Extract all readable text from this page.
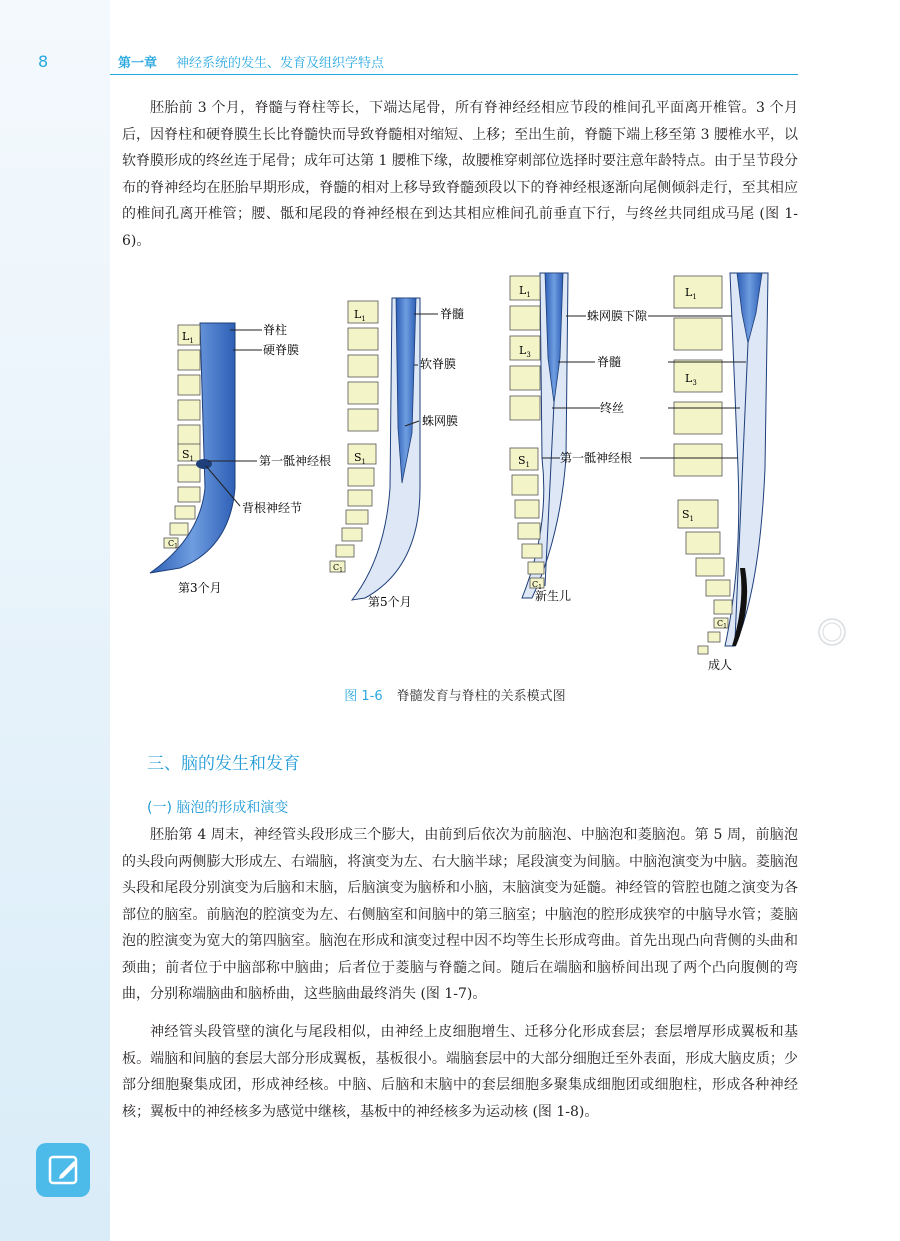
8	第一章 神经系统的发生、发育及组织学特点

胚胎前 3 个月，脊髓与脊柱等长，下端达尾骨，所有脊神经经相应节段的椎间孔平面离开椎管。3 个月后，因脊柱和硬脊膜生长比脊髓快而导致脊髓相对缩短、上移；至出生前，脊髓下端上移至第 3 腰椎水平，以软脊膜形成的终丝连于尾骨；成年可达第 1 腰椎下缘，故腰椎穿刺部位选择时要注意年龄特点。由于呈节段分布的脊神经均在胚胎早期形成，脊髓的相对上移导致脊髓颈段以下的脊神经根逐渐向尾侧倾斜走行，至其相应的椎间孔离开椎管；腰、骶和尾段的脊神经根在到达其相应椎间孔前垂直下行，与终丝共同组成马尾 (图 1-6)。

$L_1$
$S_1$
$C_1$
脊柱
硬脊膜
第一骶神经根
背根神经节
第3个月
$L_1$
$S_1$
$C_1$
脊髓
软脊膜
蛛网膜
第5个月
$L_1$
$L_3$
$S_1$
$C_1$
新生儿
$L_1$
$L_3$
$S_1$
$C_1$
成人
蛛网膜下隙
脊髓
终丝
第一骶神经根
图 1-6 脊髓发育与脊柱的关系模式图
三、脑的发生和发育
(一) 脑泡的形成和演变

胚胎第 4 周末，神经管头段形成三个膨大，由前到后依次为前脑泡、中脑泡和菱脑泡。第 5 周，前脑泡的头段向两侧膨大形成左、右端脑，将演变为左、右大脑半球；尾段演变为间脑。中脑泡演变为中脑。菱脑泡头段和尾段分别演变为后脑和末脑，后脑演变为脑桥和小脑，末脑演变为延髓。神经管的管腔也随之演变为各部位的脑室。前脑泡的腔演变为左、右侧脑室和间脑中的第三脑室；中脑泡的腔形成狭窄的中脑导水管；菱脑泡的腔演变为宽大的第四脑室。脑泡在形成和演变过程中因不均等生长形成弯曲。首先出现凸向背侧的头曲和颈曲；前者位于中脑部称中脑曲；后者位于菱脑与脊髓之间。随后在端脑和脑桥间出现了两个凸向腹侧的弯曲，分别称端脑曲和脑桥曲，这些脑曲最终消失 (图 1-7)。

神经管头段管壁的演化与尾段相似，由神经上皮细胞增生、迁移分化形成套层；套层增厚形成翼板和基板。端脑和间脑的套层大部分形成翼板，基板很小。端脑套层中的大部分细胞迁至外表面，形成大脑皮质；少部分细胞聚集成团，形成神经核。中脑、后脑和末脑中的套层细胞多聚集成细胞团或细胞柱，形成各种神经核；翼板中的神经核多为感觉中继核，基板中的神经核多为运动核 (图 1-8)。
